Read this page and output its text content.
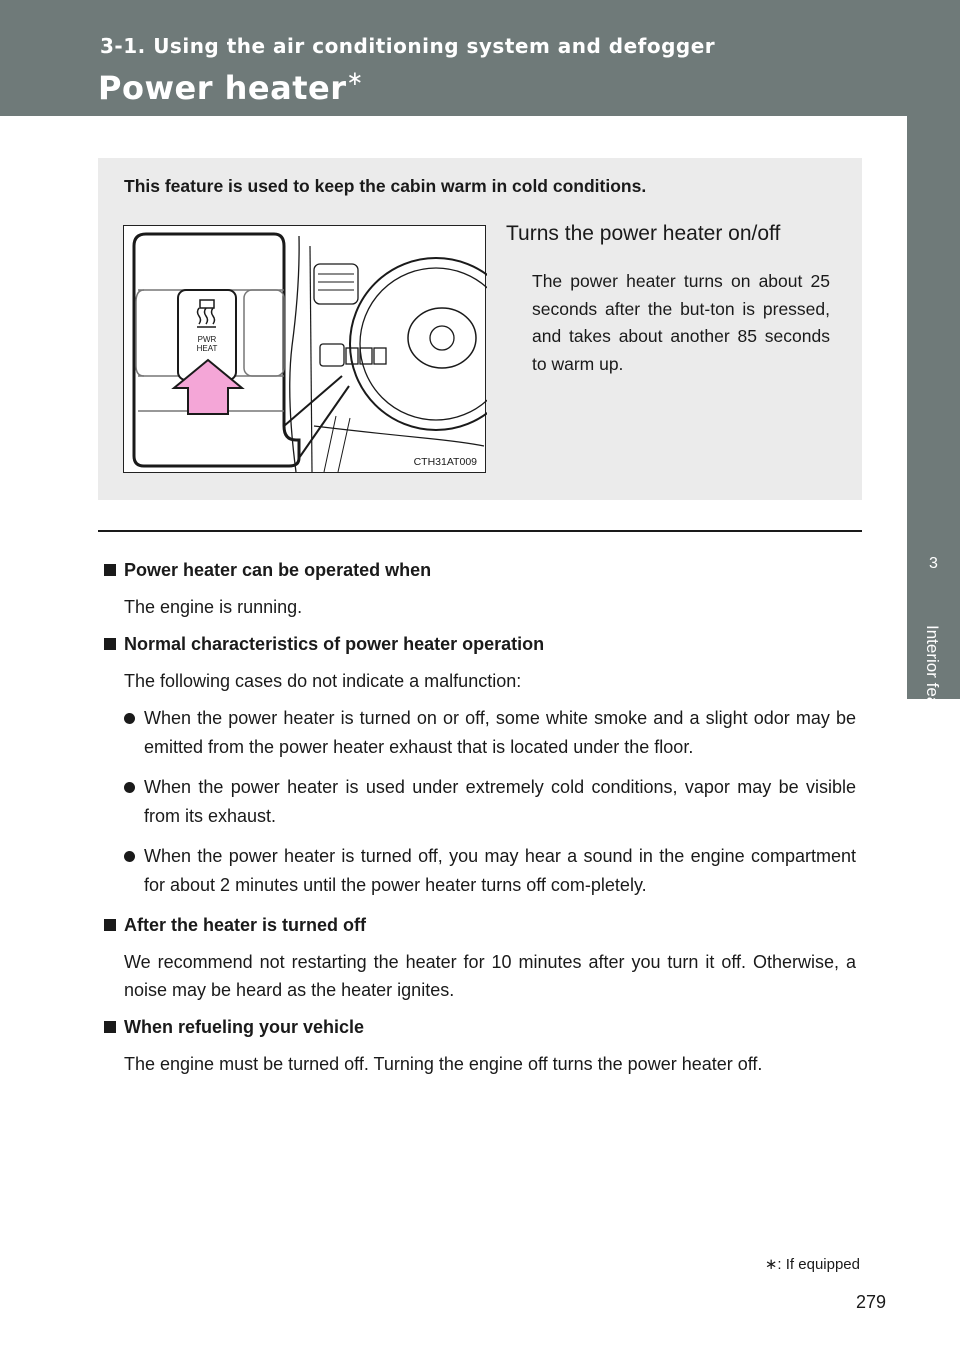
3-1. Using the air conditioning system and defogger
Power heater∗
3
Interior features
This feature is used to keep the cabin warm in cold conditions.
PWR
HEAT
CTH31AT009
Turns the power heater on/off
The power heater turns on about 25 seconds after the but-ton is pressed, and takes about another 85 seconds to warm up.
Power heater can be operated when
The engine is running.
Normal characteristics of power heater operation
The following cases do not indicate a malfunction:
When the power heater is turned on or off, some white smoke and a slight odor may be emitted from the power heater exhaust that is located under the floor.
When the power heater is used under extremely cold conditions, vapor may be visible from its exhaust.
When the power heater is turned off, you may hear a sound in the engine compartment for about 2 minutes until the power heater turns off com-pletely.
After the heater is turned off
We recommend not restarting the heater for 10 minutes after you turn it off. Otherwise, a noise may be heard as the heater ignites.
When refueling your vehicle
The engine must be turned off. Turning the engine off turns the power heater off.
∗: If equipped
279
